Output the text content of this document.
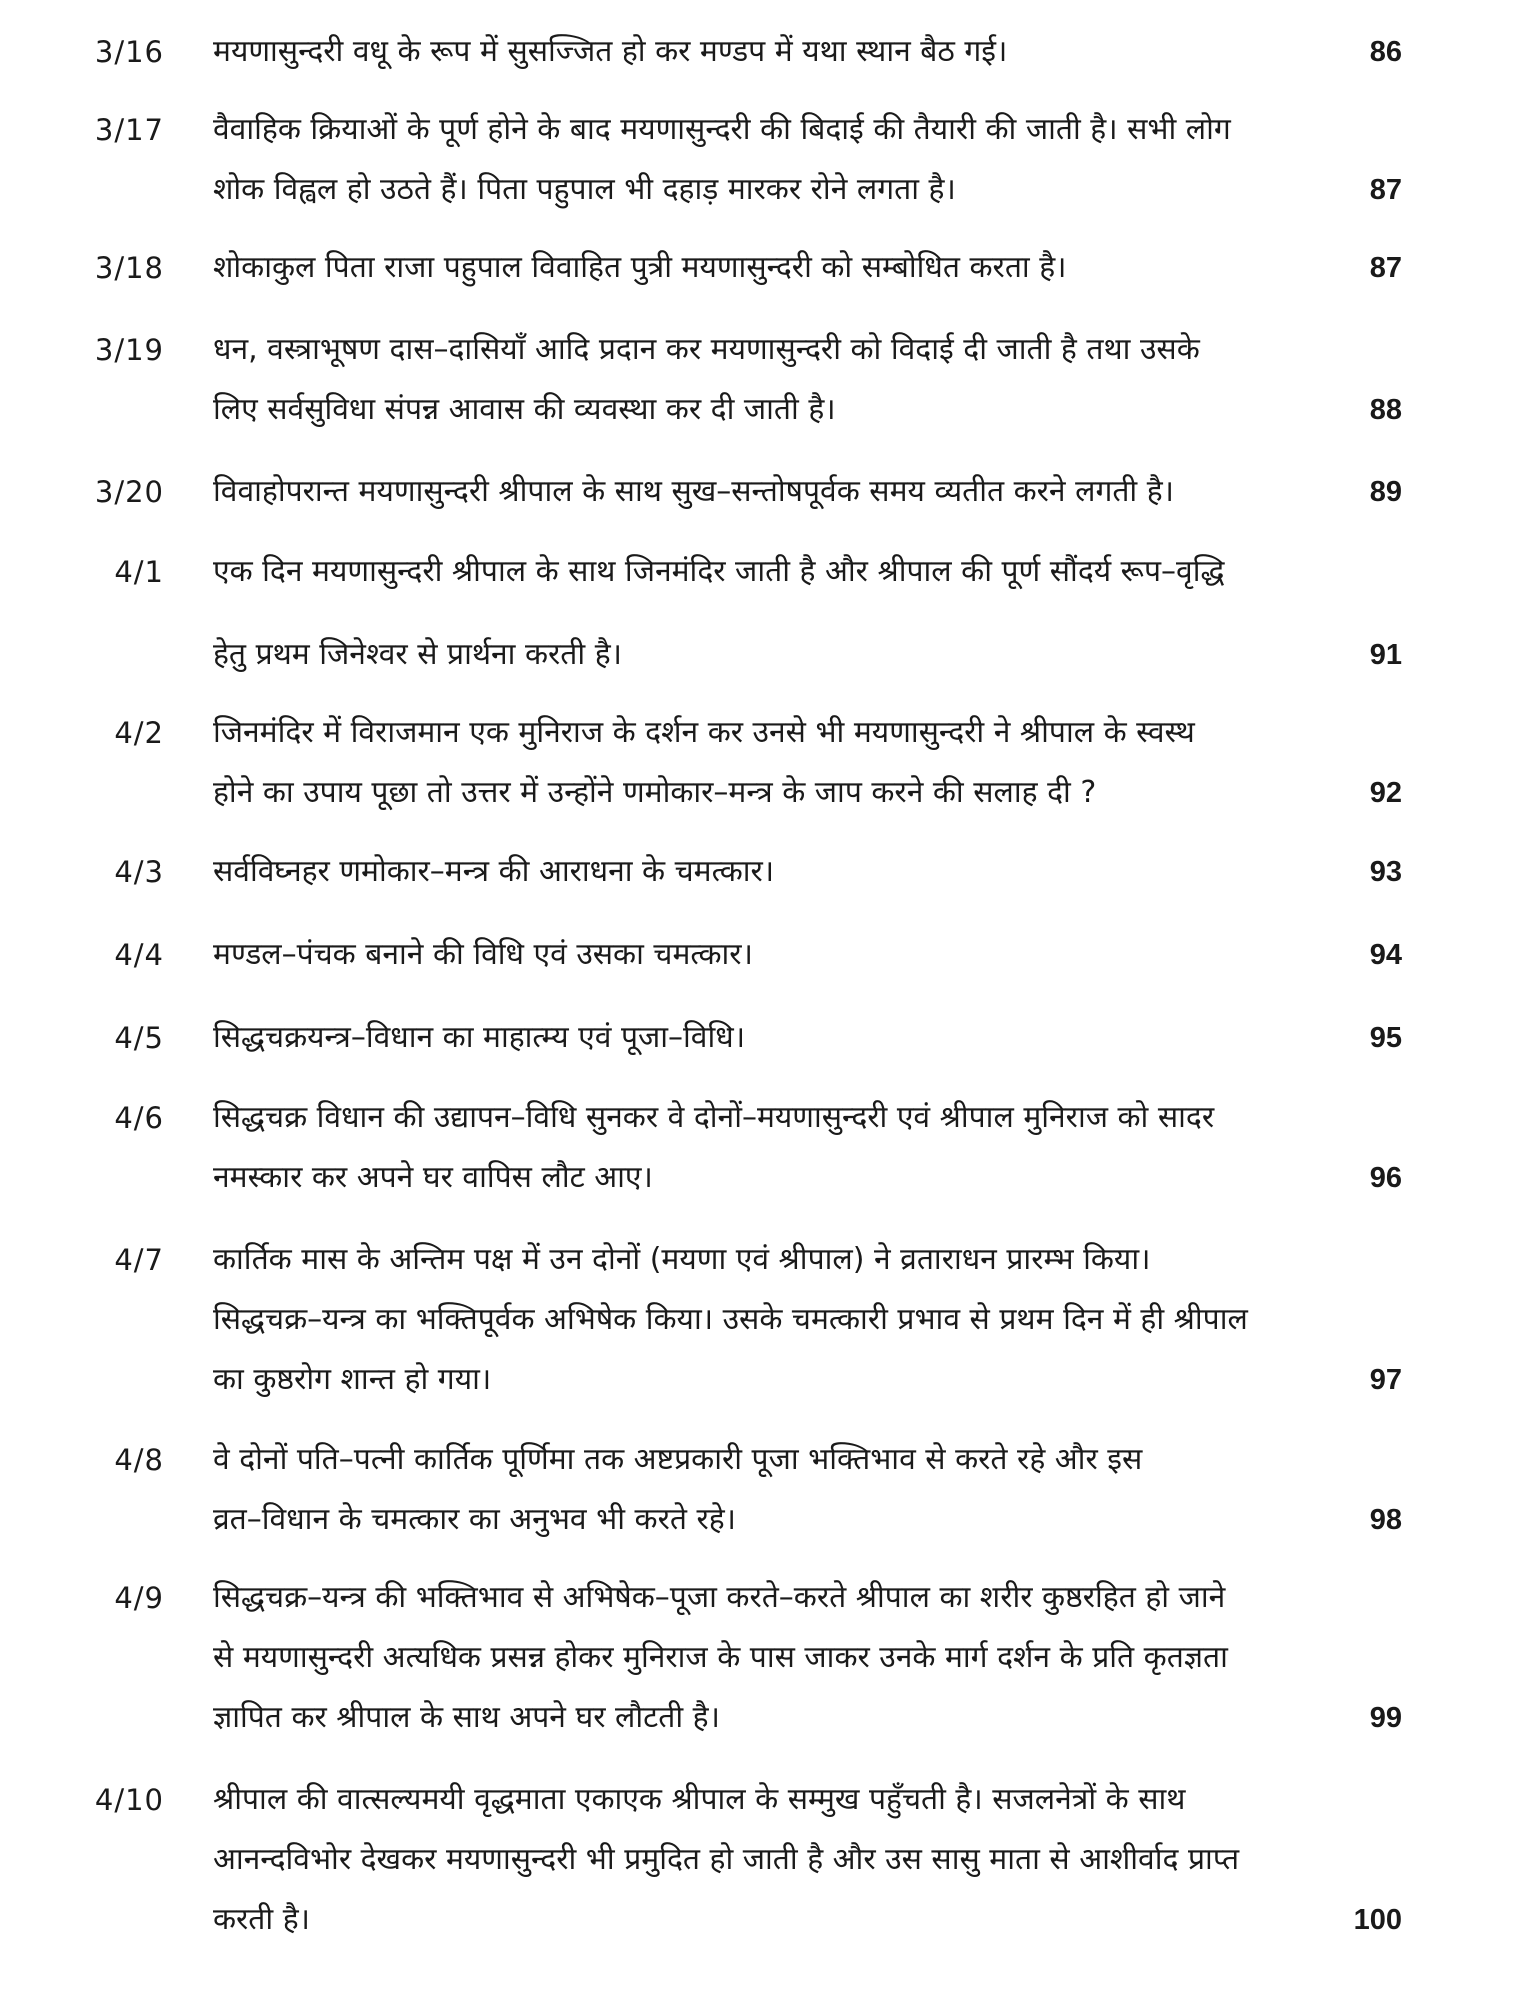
3/16 मयणासुन्दरी वधू के रूप में सुसज्जित हो कर मण्डप में यथा स्थान बैठ गई।	86
3/17 वैवाहिक क्रियाओं के पूर्ण होने के बाद मयणासुन्दरी की बिदाई की तैयारी की जाती है। सभी लोग
शोक विह्वल हो उठते हैं। पिता पहुपाल भी दहाड़ मारकर रोने लगता है।	87
3/18 शोकाकुल पिता राजा पहुपाल विवाहित पुत्री मयणासुन्दरी को सम्बोधित करता है।	87
3/19 धन, वस्त्राभूषण दास–दासियाँ आदि प्रदान कर मयणासुन्दरी को विदाई दी जाती है तथा उसके
लिए सर्वसुविधा संपन्न आवास की व्यवस्था कर दी जाती है।	88
3/20 विवाहोपरान्त मयणासुन्दरी श्रीपाल के साथ सुख–सन्तोषपूर्वक समय व्यतीत करने लगती है।	89
4/1 एक दिन मयणासुन्दरी श्रीपाल के साथ जिनमंदिर जाती है और श्रीपाल की पूर्ण सौंदर्य रूप–वृद्धि
हेतु प्रथम जिनेश्वर से प्रार्थना करती है।	91
4/2 जिनमंदिर में विराजमान एक मुनिराज के दर्शन कर उनसे भी मयणासुन्दरी ने श्रीपाल के स्वस्थ
होने का उपाय पूछा तो उत्तर में उन्होंने णमोकार–मन्त्र के जाप करने की सलाह दी ?	92
4/3 सर्वविघ्नहर णमोकार–मन्त्र की आराधना के चमत्कार।	93
4/4 मण्डल–पंचक बनाने की विधि एवं उसका चमत्कार।	94
4/5 सिद्धचक्रयन्त्र–विधान का माहात्म्य एवं पूजा–विधि।	95
4/6 सिद्धचक्र विधान की उद्यापन–विधि सुनकर वे दोनों–मयणासुन्दरी एवं श्रीपाल मुनिराज को सादर
नमस्कार कर अपने घर वापिस लौट आए।	96
4/7 कार्तिक मास के अन्तिम पक्ष में उन दोनों (मयणा एवं श्रीपाल) ने व्रताराधन प्रारम्भ किया।
सिद्धचक्र–यन्त्र का भक्तिपूर्वक अभिषेक किया। उसके चमत्कारी प्रभाव से प्रथम दिन में ही श्रीपाल
का कुष्ठरोग शान्त हो गया।	97
4/8 वे दोनों पति–पत्नी कार्तिक पूर्णिमा तक अष्टप्रकारी पूजा भक्तिभाव से करते रहे और इस
व्रत–विधान के चमत्कार का अनुभव भी करते रहे।	98
4/9 सिद्धचक्र–यन्त्र की भक्तिभाव से अभिषेक–पूजा करते–करते श्रीपाल का शरीर कुष्ठरहित हो जाने
से मयणासुन्दरी अत्यधिक प्रसन्न होकर मुनिराज के पास जाकर उनके मार्ग दर्शन के प्रति कृतज्ञता
ज्ञापित कर श्रीपाल के साथ अपने घर लौटती है।	99
4/10 श्रीपाल की वात्सल्यमयी वृद्धमाता एकाएक श्रीपाल के सम्मुख पहुँचती है। सजलनेत्रों के साथ
आनन्दविभोर देखकर मयणासुन्दरी भी प्रमुदित हो जाती है और उस सासु माता से आशीर्वाद प्राप्त
करती है।	100
